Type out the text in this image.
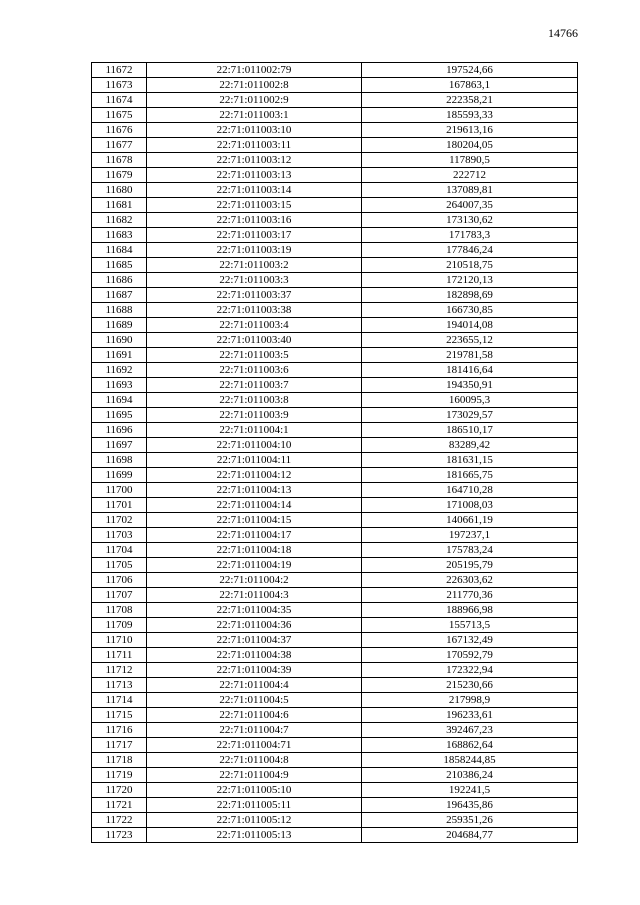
14766
11672	22:71:011002:79	197524,66
11673	22:71:011002:8	167863,1
11674	22:71:011002:9	222358,21
11675	22:71:011003:1	185593,33
11676	22:71:011003:10	219613,16
11677	22:71:011003:11	180204,05
11678	22:71:011003:12	117890,5
11679	22:71:011003:13	222712
11680	22:71:011003:14	137089,81
11681	22:71:011003:15	264007,35
11682	22:71:011003:16	173130,62
11683	22:71:011003:17	171783,3
11684	22:71:011003:19	177846,24
11685	22:71:011003:2	210518,75
11686	22:71:011003:3	172120,13
11687	22:71:011003:37	182898,69
11688	22:71:011003:38	166730,85
11689	22:71:011003:4	194014,08
11690	22:71:011003:40	223655,12
11691	22:71:011003:5	219781,58
11692	22:71:011003:6	181416,64
11693	22:71:011003:7	194350,91
11694	22:71:011003:8	160095,3
11695	22:71:011003:9	173029,57
11696	22:71:011004:1	186510,17
11697	22:71:011004:10	83289,42
11698	22:71:011004:11	181631,15
11699	22:71:011004:12	181665,75
11700	22:71:011004:13	164710,28
11701	22:71:011004:14	171008,03
11702	22:71:011004:15	140661,19
11703	22:71:011004:17	197237,1
11704	22:71:011004:18	175783,24
11705	22:71:011004:19	205195,79
11706	22:71:011004:2	226303,62
11707	22:71:011004:3	211770,36
11708	22:71:011004:35	188966,98
11709	22:71:011004:36	155713,5
11710	22:71:011004:37	167132,49
11711	22:71:011004:38	170592,79
11712	22:71:011004:39	172322,94
11713	22:71:011004:4	215230,66
11714	22:71:011004:5	217998,9
11715	22:71:011004:6	196233,61
11716	22:71:011004:7	392467,23
11717	22:71:011004:71	168862,64
11718	22:71:011004:8	1858244,85
11719	22:71:011004:9	210386,24
11720	22:71:011005:10	192241,5
11721	22:71:011005:11	196435,86
11722	22:71:011005:12	259351,26
11723	22:71:011005:13	204684,77
